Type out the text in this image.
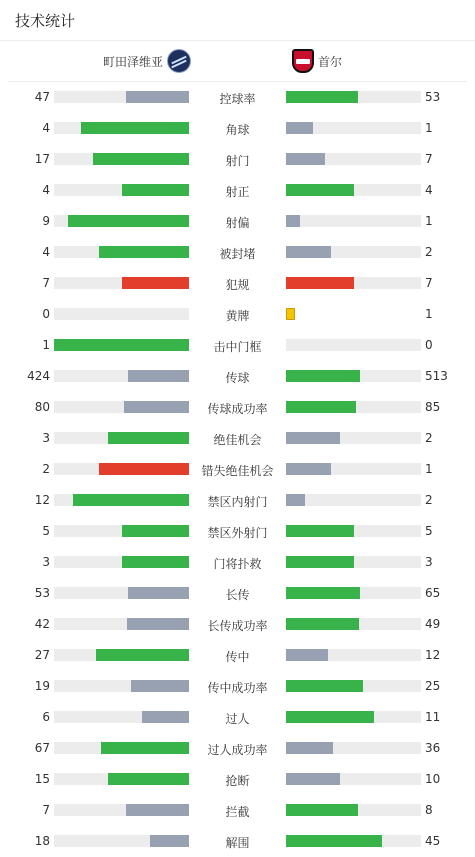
技术统计
町田泽维亚	首尔
47	控球率	53
4	角球	1
17	射门	7
4	射正	4
9	射偏	1
4	被封堵	2
7	犯规	7
0	黄牌	1
1	击中门框	0
424	传球	513
80	传球成功率	85
3	绝佳机会	2
2	错失绝佳机会	1
12	禁区内射门	2
5	禁区外射门	5
3	门将扑救	3
53	长传	65
42	长传成功率	49
27	传中	12
19	传中成功率	25
6	过人	11
67	过人成功率	36
15	抢断	10
7	拦截	8
18	解围	45
